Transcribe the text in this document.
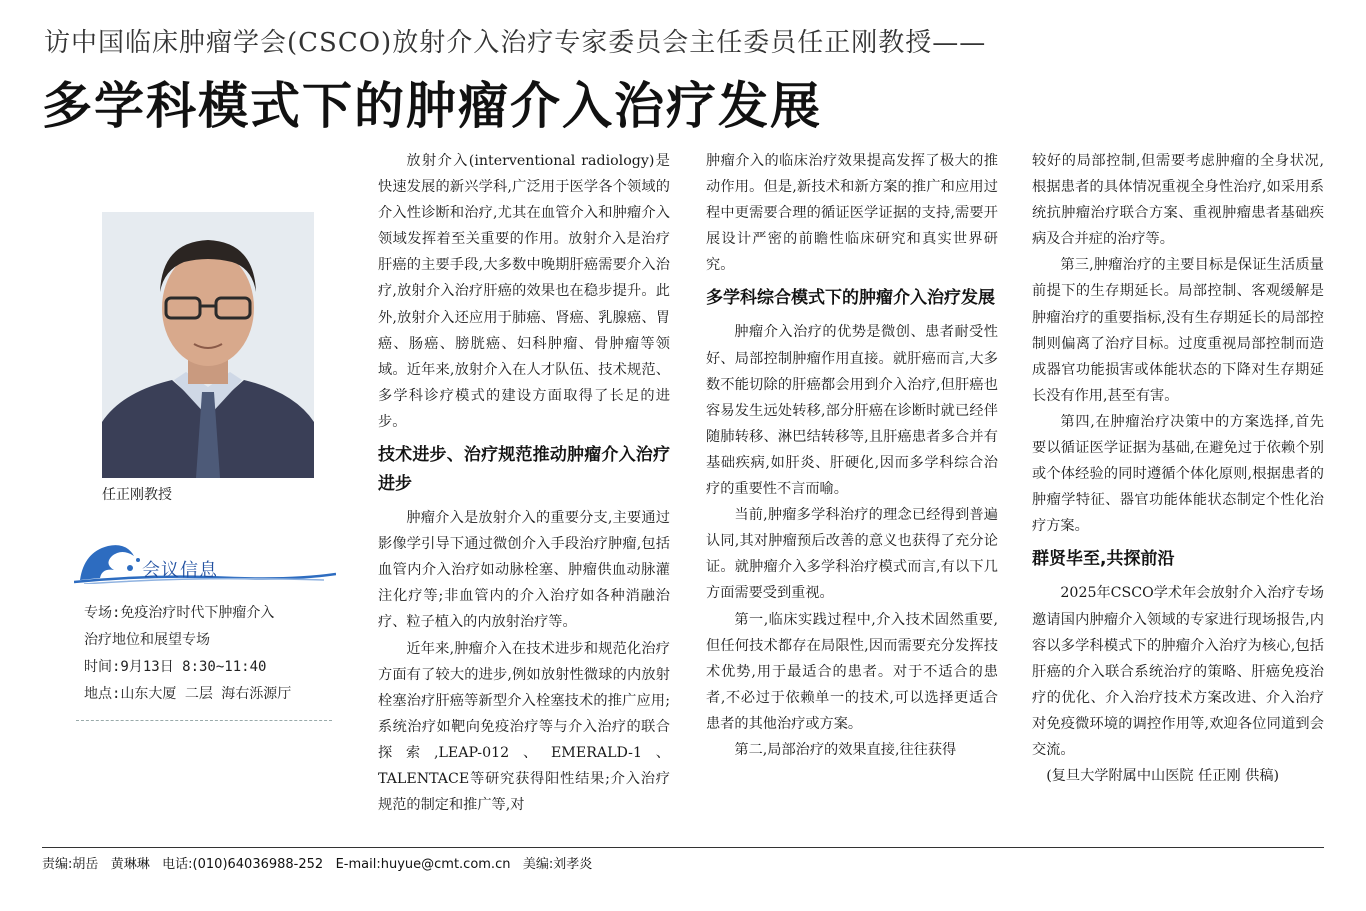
访中国临床肿瘤学会(CSCO)放射介入治疗专家委员会主任委员任正刚教授——
多学科模式下的肿瘤介入治疗发展
任正刚教授
会议信息

专场:免疫治疗时代下肿瘤介入

治疗地位和展望专场

时间:9月13日 8:30~11:40

地点:山东大厦 二层 海右泺源厅

放射介入(interventional radiology)是快速发展的新兴学科,广泛用于医学各个领域的介入性诊断和治疗,尤其在血管介入和肿瘤介入领域发挥着至关重要的作用。放射介入是治疗肝癌的主要手段,大多数中晚期肝癌需要介入治疗,放射介入治疗肝癌的效果也在稳步提升。此外,放射介入还应用于肺癌、肾癌、乳腺癌、胃癌、肠癌、膀胱癌、妇科肿瘤、骨肿瘤等领域。近年来,放射介入在人才队伍、技术规范、多学科诊疗模式的建设方面取得了长足的进步。

技术进步、治疗规范推动肿瘤介入治疗进步

肿瘤介入是放射介入的重要分支,主要通过影像学引导下通过微创介入手段治疗肿瘤,包括血管内介入治疗如动脉栓塞、肿瘤供血动脉灌注化疗等;非血管内的介入治疗如各种消融治疗、粒子植入的内放射治疗等。

近年来,肿瘤介入在技术进步和规范化治疗方面有了较大的进步,例如放射性微球的内放射栓塞治疗肝癌等新型介入栓塞技术的推广应用;系统治疗如靶向免疫治疗等与介入治疗的联合探索,LEAP-012、EMERALD-1、TALENTACE等研究获得阳性结果;介入治疗规范的制定和推广等,对

肿瘤介入的临床治疗效果提高发挥了极大的推动作用。但是,新技术和新方案的推广和应用过程中更需要合理的循证医学证据的支持,需要开展设计严密的前瞻性临床研究和真实世界研究。

多学科综合模式下的肿瘤介入治疗发展

肿瘤介入治疗的优势是微创、患者耐受性好、局部控制肿瘤作用直接。就肝癌而言,大多数不能切除的肝癌都会用到介入治疗,但肝癌也容易发生远处转移,部分肝癌在诊断时就已经伴随肺转移、淋巴结转移等,且肝癌患者多合并有基础疾病,如肝炎、肝硬化,因而多学科综合治疗的重要性不言而喻。

当前,肿瘤多学科治疗的理念已经得到普遍认同,其对肿瘤预后改善的意义也获得了充分论证。就肿瘤介入多学科治疗模式而言,有以下几方面需要受到重视。

第一,临床实践过程中,介入技术固然重要,但任何技术都存在局限性,因而需要充分发挥技术优势,用于最适合的患者。对于不适合的患者,不必过于依赖单一的技术,可以选择更适合患者的其他治疗或方案。

第二,局部治疗的效果直接,往往获得

较好的局部控制,但需要考虑肿瘤的全身状况,根据患者的具体情况重视全身性治疗,如采用系统抗肿瘤治疗联合方案、重视肿瘤患者基础疾病及合并症的治疗等。

第三,肿瘤治疗的主要目标是保证生活质量前提下的生存期延长。局部控制、客观缓解是肿瘤治疗的重要指标,没有生存期延长的局部控制则偏离了治疗目标。过度重视局部控制而造成器官功能损害或体能状态的下降对生存期延长没有作用,甚至有害。

第四,在肿瘤治疗决策中的方案选择,首先要以循证医学证据为基础,在避免过于依赖个别或个体经验的同时遵循个体化原则,根据患者的肿瘤学特征、器官功能体能状态制定个性化治疗方案。

群贤毕至,共探前沿

2025年CSCO学术年会放射介入治疗专场邀请国内肿瘤介入领域的专家进行现场报告,内容以多学科模式下的肿瘤介入治疗为核心,包括肝癌的介入联合系统治疗的策略、肝癌免疫治疗的优化、介入治疗技术方案改进、介入治疗对免疫微环境的调控作用等,欢迎各位同道到会交流。

(复旦大学附属中山医院 任正刚 供稿)

责编:胡岳   黄琳琳   电话:(010)64036988-252   E-mail:huyue@cmt.com.cn   美编:刘孝炎
